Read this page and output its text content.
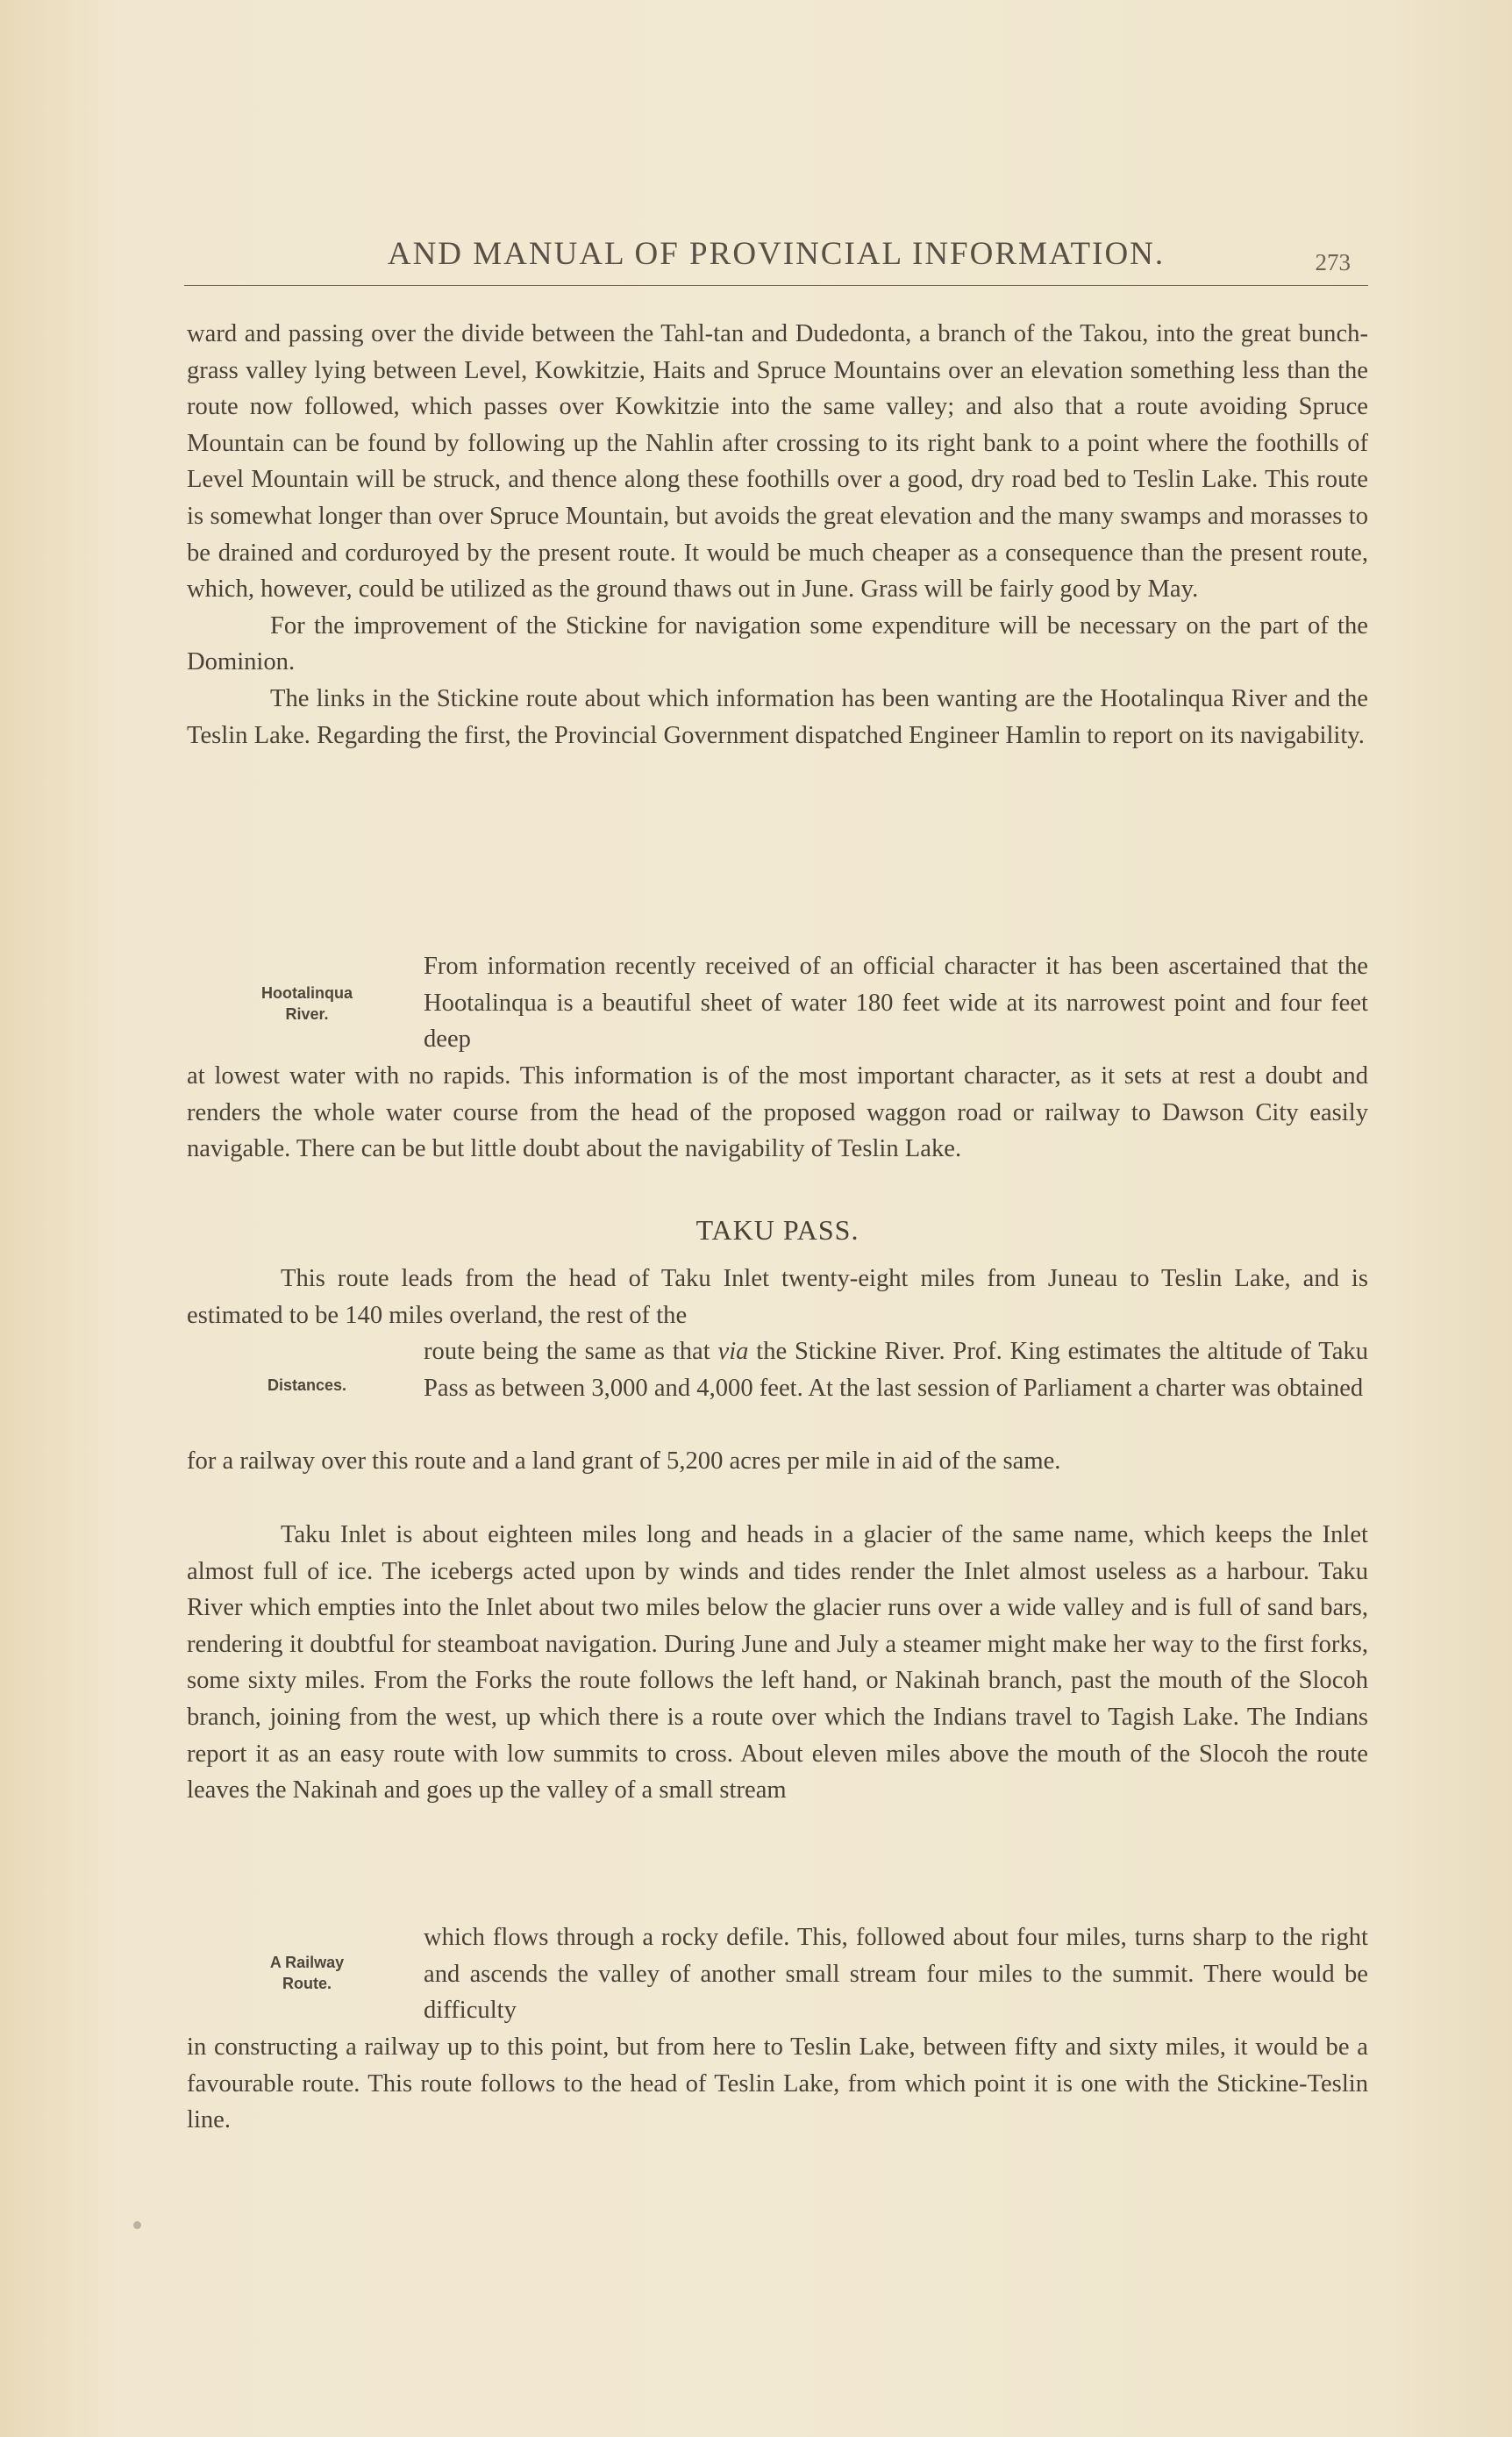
AND MANUAL OF PROVINCIAL INFORMATION.	273

ward and passing over the divide between the Tahl-tan and Dudedonta, a branch of the Takou, into the great bunch-grass valley lying between Level, Kowkitzie, Haits and Spruce Mountains over an elevation something less than the route now followed, which passes over Kowkitzie into the same valley; and also that a route avoiding Spruce Mountain can be found by following up the Nahlin after crossing to its right bank to a point where the foothills of Level Mountain will be struck, and thence along these foothills over a good, dry road bed to Teslin Lake. This route is somewhat longer than over Spruce Mountain, but avoids the great elevation and the many swamps and morasses to be drained and corduroyed by the present route. It would be much cheaper as a consequence than the present route, which, however, could be utilized as the ground thaws out in June. Grass will be fairly good by May.

For the improvement of the Stickine for navigation some expenditure will be necessary on the part of the Dominion.

The links in the Stickine route about which information has been wanting are the Hootalinqua River and the Teslin Lake. Regarding the first, the Provincial Government dispatched Engineer Hamlin to report on its navigability.

From information recently received of an official character it has been ascertained that the Hootalinqua is a beautiful sheet of water 180 feet wide at its narrowest point and four feet deep
Hootalinqua
River.
at lowest water with no rapids. This information is of the most important character, as it sets at rest a doubt and renders the whole water course from the head of the proposed waggon road or railway to Dawson City easily navigable. There can be but little doubt about the navigability of Teslin Lake.
TAKU PASS.
This route leads from the head of Taku Inlet twenty-eight miles from Juneau to Teslin Lake, and is estimated to be 140 miles overland, the rest of the
route being the same as that via the Stickine River. Prof. King estimates the altitude of Taku Pass as between 3,000 and 4,000 feet. At the last session of Parliament a charter was obtained
Distances.
for a railway over this route and a land grant of 5,200 acres per mile in aid of the same.
Taku Inlet is about eighteen miles long and heads in a glacier of the same name, which keeps the Inlet almost full of ice. The icebergs acted upon by winds and tides render the Inlet almost useless as a harbour. Taku River which empties into the Inlet about two miles below the glacier runs over a wide valley and is full of sand bars, rendering it doubtful for steamboat navigation. During June and July a steamer might make her way to the first forks, some sixty miles. From the Forks the route follows the left hand, or Nakinah branch, past the mouth of the Slocoh branch, joining from the west, up which there is a route over which the Indians travel to Tagish Lake. The Indians report it as an easy route with low summits to cross. About eleven miles above the mouth of the Slocoh the route leaves the Nakinah and goes up the valley of a small stream
which flows through a rocky defile. This, followed about four miles, turns sharp to the right and ascends the valley of another small stream four miles to the summit. There would be difficulty
A Railway
Route.
in constructing a railway up to this point, but from here to Teslin Lake, between fifty and sixty miles, it would be a favourable route. This route follows to the head of Teslin Lake, from which point it is one with the Stickine-Teslin line.
